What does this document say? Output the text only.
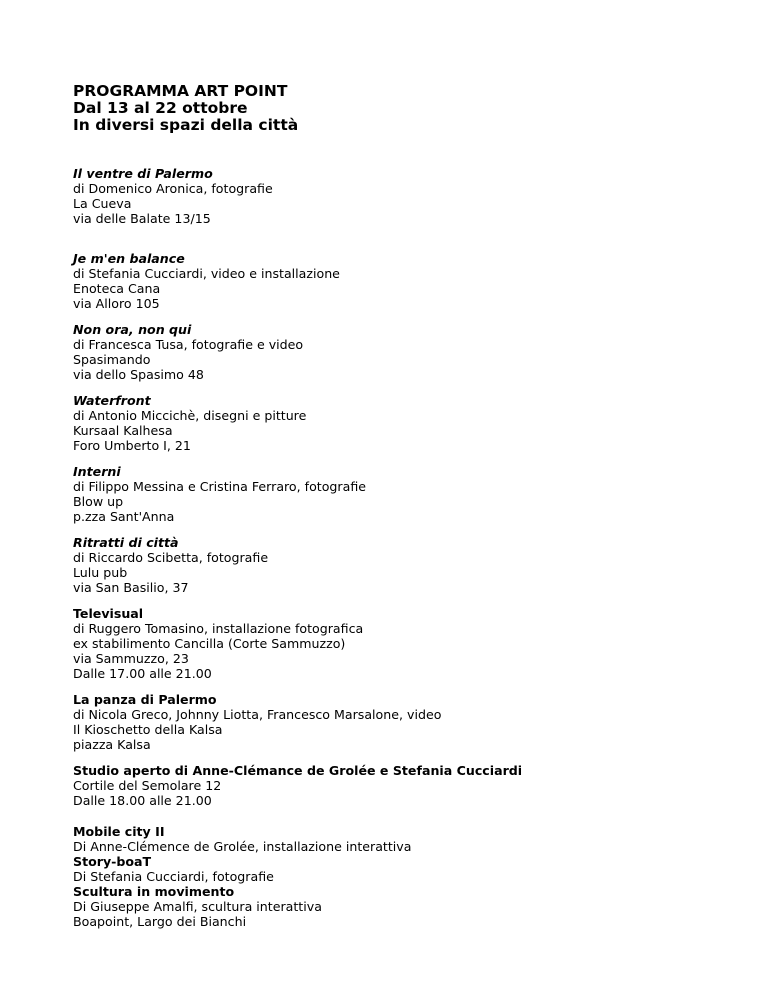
PROGRAMMA ART POINT
Dal 13 al 22 ottobre
In diversi spazi della città
Il ventre di Palermo
di Domenico Aronica, fotografie
La Cueva
via delle Balate 13/15
Je m'en balance
di Stefania Cucciardi, video e installazione
Enoteca Cana
via Alloro 105
Non ora, non qui
di Francesca Tusa, fotografie e video
Spasimando
via dello Spasimo 48
Waterfront
di Antonio Miccichè, disegni e pitture
Kursaal Kalhesa
Foro Umberto I, 21
Interni
di Filippo Messina e Cristina Ferraro, fotografie
Blow up
p.zza Sant'Anna
Ritratti di città
di Riccardo Scibetta, fotografie
Lulu pub
via San Basilio, 37
Televisual
di Ruggero Tomasino, installazione fotografica
ex stabilimento Cancilla (Corte Sammuzzo)
via Sammuzzo, 23
Dalle 17.00 alle 21.00
La panza di Palermo
di Nicola Greco, Johnny Liotta, Francesco Marsalone, video
Il Kioschetto della Kalsa
piazza Kalsa
Studio aperto di Anne-Clémance de Grolée e Stefania Cucciardi
Cortile del Semolare 12
Dalle 18.00 alle 21.00
Mobile city II
Di Anne-Clémence de Grolée, installazione interattiva
Story-boaT
Di Stefania Cucciardi, fotografie
Scultura in movimento
Di Giuseppe Amalfi, scultura interattiva
Boapoint, Largo dei Bianchi
